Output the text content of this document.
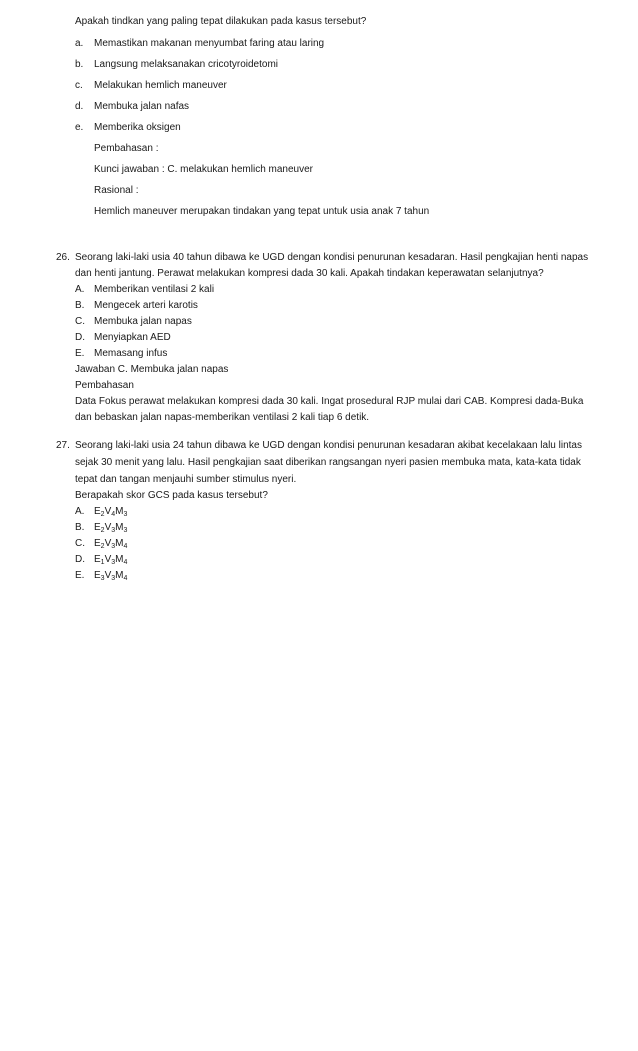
Apakah tindkan yang paling tepat dilakukan pada kasus tersebut?
a. Memastikan makanan menyumbat faring atau laring
b. Langsung melaksanakan cricotyroidetomi
c. Melakukan hemlich maneuver
d. Membuka jalan nafas
e. Memberika oksigen
Pembahasan :
Kunci jawaban : C. melakukan hemlich maneuver
Rasional :
Hemlich maneuver merupakan tindakan yang tepat untuk usia anak 7 tahun
26. Seorang laki-laki usia 40 tahun dibawa ke UGD dengan kondisi penurunan kesadaran. Hasil pengkajian henti napas
dan henti jantung. Perawat melakukan kompresi dada 30 kali. Apakah tindakan keperawatan selanjutnya?
A. Memberikan ventilasi 2 kali
B. Mengecek arteri karotis
C. Membuka jalan napas
D. Menyiapkan AED
E. Memasang infus
Jawaban C. Membuka jalan napas
Pembahasan
Data Fokus perawat melakukan kompresi dada 30 kali. Ingat prosedural RJP mulai dari CAB. Kompresi dada-Buka
dan bebaskan jalan napas-memberikan ventilasi 2 kali tiap 6 detik.
27. Seorang laki-laki usia 24 tahun dibawa ke UGD dengan kondisi penurunan kesadaran akibat kecelakaan lalu lintas
sejak 30 menit yang lalu. Hasil pengkajian saat diberikan rangsangan nyeri pasien membuka mata, kata-kata tidak
tepat dan tangan menjauhi sumber stimulus nyeri.
Berapakah skor GCS pada kasus tersebut?
A. $E_2V_4M_3$
B. $E_2V_3M_3$
C. $E_2V_3M_4$
D. $E_1V_3M_4$
E. $E_3V_3M_4$
